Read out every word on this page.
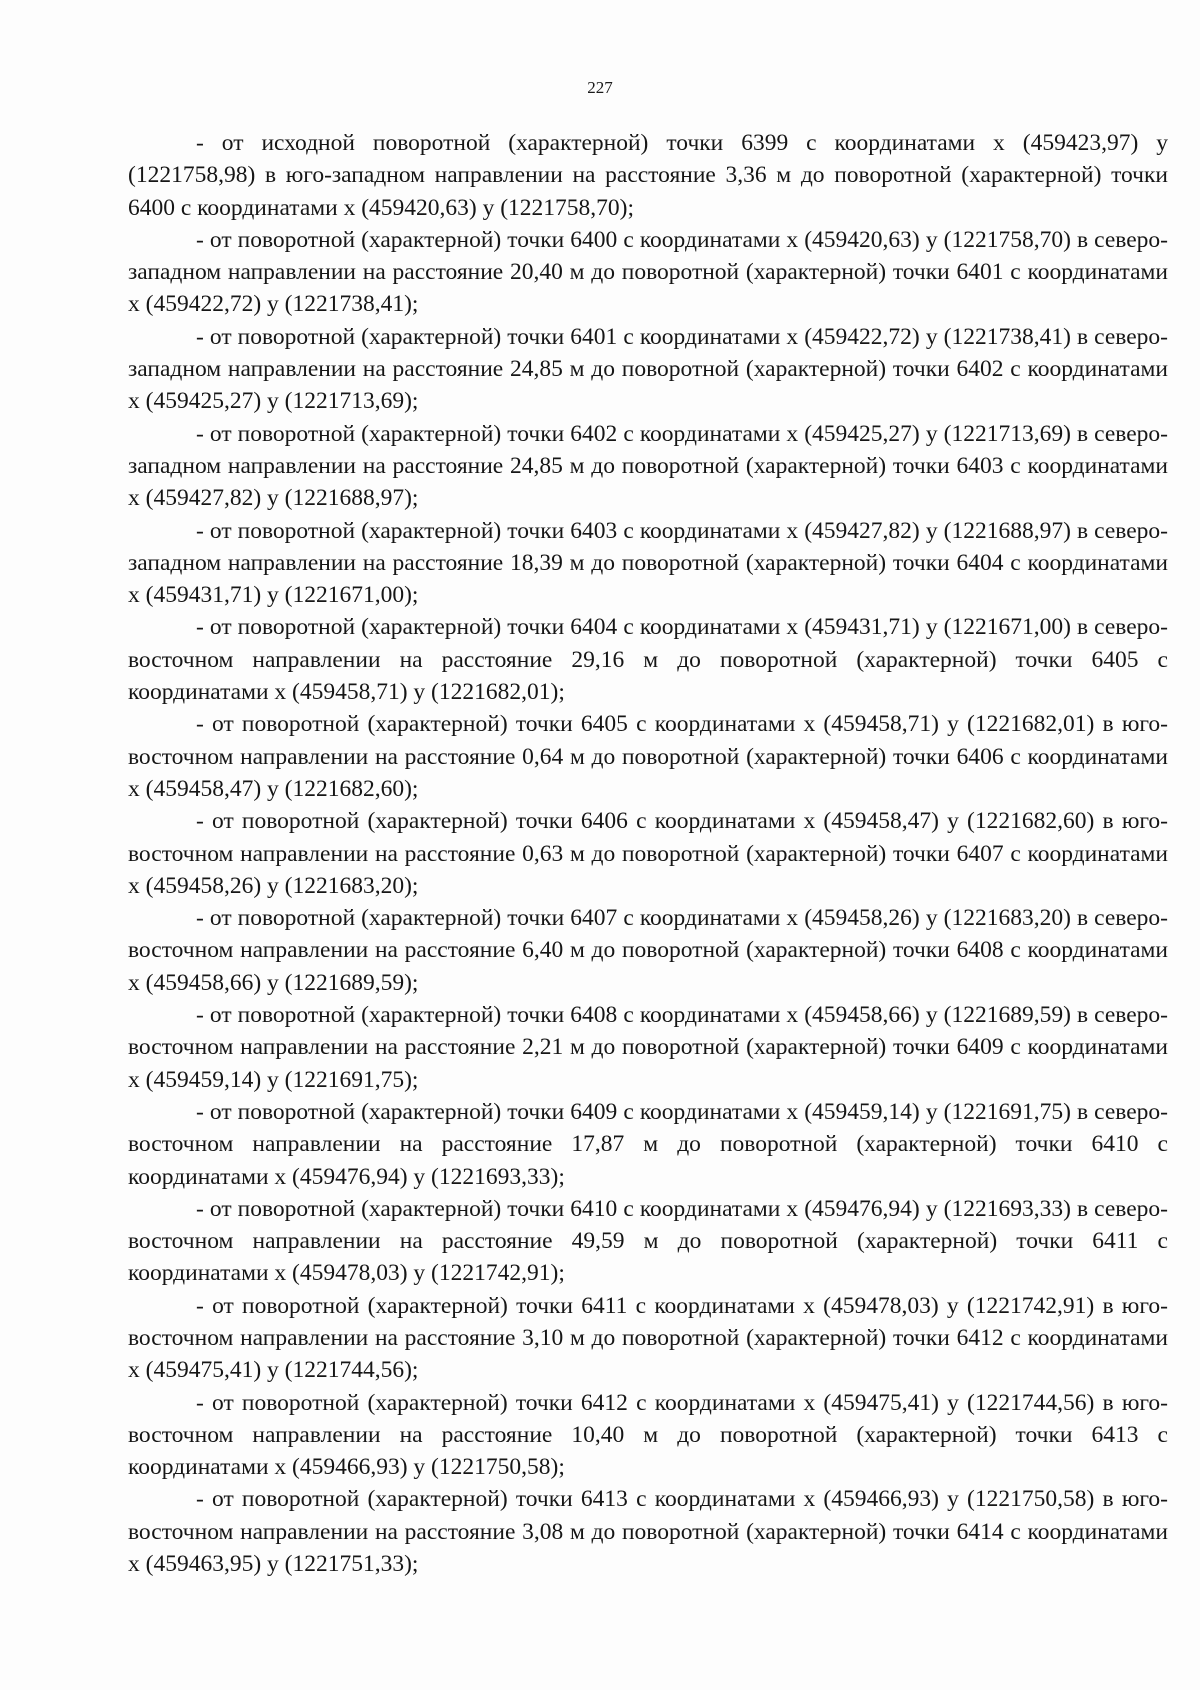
227

- от исходной поворотной (характерной) точки 6399 с координатами х (459423,97) у (1221758,98) в юго-западном направлении на расстояние 3,36 м до поворотной (характерной) точки 6400 с координатами х (459420,63) у (1221758,70);

- от поворотной (характерной) точки 6400 с координатами х (459420,63) у (1221758,70) в северо-западном направлении на расстояние 20,40 м до поворотной (характерной) точки 6401 с координатами х (459422,72) у (1221738,41);

- от поворотной (характерной) точки 6401 с координатами х (459422,72) у (1221738,41) в северо-западном направлении на расстояние 24,85 м до поворотной (характерной) точки 6402 с координатами х (459425,27) у (1221713,69);

- от поворотной (характерной) точки 6402 с координатами х (459425,27) у (1221713,69) в северо-западном направлении на расстояние 24,85 м до поворотной (характерной) точки 6403 с координатами х (459427,82) у (1221688,97);

- от поворотной (характерной) точки 6403 с координатами х (459427,82) у (1221688,97) в северо-западном направлении на расстояние 18,39 м до поворотной (характерной) точки 6404 с координатами х (459431,71) у (1221671,00);

- от поворотной (характерной) точки 6404 с координатами х (459431,71) у (1221671,00) в северо-восточном направлении на расстояние 29,16 м до поворотной (характерной) точки 6405 с координатами х (459458,71) у (1221682,01);

- от поворотной (характерной) точки 6405 с координатами х (459458,71) у (1221682,01) в юго-восточном направлении на расстояние 0,64 м до поворотной (характерной) точки 6406 с координатами х (459458,47) у (1221682,60);

- от поворотной (характерной) точки 6406 с координатами х (459458,47) у (1221682,60) в юго-восточном направлении на расстояние 0,63 м до поворотной (характерной) точки 6407 с координатами х (459458,26) у (1221683,20);

- от поворотной (характерной) точки 6407 с координатами х (459458,26) у (1221683,20) в северо-восточном направлении на расстояние 6,40 м до поворотной (характерной) точки 6408 с координатами х (459458,66) у (1221689,59);

- от поворотной (характерной) точки 6408 с координатами х (459458,66) у (1221689,59) в северо-восточном направлении на расстояние 2,21 м до поворотной (характерной) точки 6409 с координатами х (459459,14) у (1221691,75);

- от поворотной (характерной) точки 6409 с координатами х (459459,14) у (1221691,75) в северо-восточном направлении на расстояние 17,87 м до поворотной (характерной) точки 6410 с координатами х (459476,94) у (1221693,33);

- от поворотной (характерной) точки 6410 с координатами х (459476,94) у (1221693,33) в северо-восточном направлении на расстояние 49,59 м до поворотной (характерной) точки 6411 с координатами х (459478,03) у (1221742,91);

- от поворотной (характерной) точки 6411 с координатами х (459478,03) у (1221742,91) в юго-восточном направлении на расстояние 3,10 м до поворотной (характерной) точки 6412 с координатами х (459475,41) у (1221744,56);

- от поворотной (характерной) точки 6412 с координатами х (459475,41) у (1221744,56) в юго-восточном направлении на расстояние 10,40 м до поворотной (характерной) точки 6413 с координатами х (459466,93) у (1221750,58);

- от поворотной (характерной) точки 6413 с координатами х (459466,93) у (1221750,58) в юго-восточном направлении на расстояние 3,08 м до поворотной (характерной) точки 6414 с координатами х (459463,95) у (1221751,33);
